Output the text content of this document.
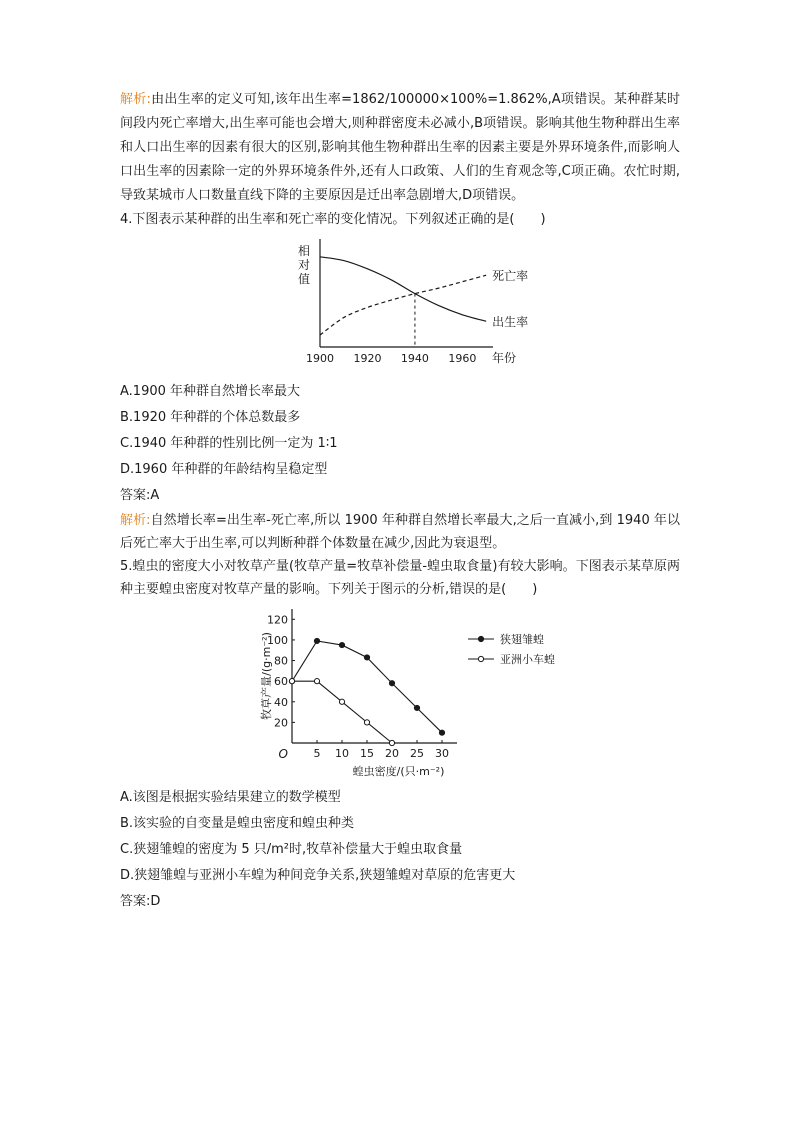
解析:由出生率的定义可知,该年出生率=1862/100000×100%=1.862%,A项错误。某种群某时间段内死亡率增大,出生率可能也会增大,则种群密度未必减小,B项错误。影响其他生物种群出生率和人口出生率的因素有很大的区别,影响其他生物种群出生率的因素主要是外界环境条件,而影响人口出生率的因素除一定的外界环境条件外,还有人口政策、人们的生育观念等,C项正确。农忙时期,导致某城市人口数量直线下降的主要原因是迁出率急剧增大,D项错误。

4.下图表示某种群的出生率和死亡率的变化情况。下列叙述正确的是(　　)

相
对
值	死亡率
出生率
1900 1920 1940 1960 年份

A.1900 年种群自然增长率最大

B.1920 年种群的个体总数最多

C.1940 年种群的性别比例一定为 1∶1

D.1960 年种群的年龄结构呈稳定型

答案:A

解析:自然增长率=出生率-死亡率,所以 1900 年种群自然增长率最大,之后一直减小,到 1940 年以后死亡率大于出生率,可以判断种群个体数量在减少,因此为衰退型。

5.蝗虫的密度大小对牧草产量(牧草产量=牧草补偿量-蝗虫取食量)有较大影响。下图表示某草原两种主要蝗虫密度对牧草产量的影响。下列关于图示的分析,错误的是(　　)

20
40
60
80
100
120
5 10 15 20 25 30
O
蝗虫密度/(只·m⁻²)
牧草产量/(g·m⁻²)	狭翅雏蝗
亚洲小车蝗

A.该图是根据实验结果建立的数学模型

B.该实验的自变量是蝗虫密度和蝗虫种类

C.狭翅雏蝗的密度为 5 只/m²时,牧草补偿量大于蝗虫取食量

D.狭翅雏蝗与亚洲小车蝗为种间竞争关系,狭翅雏蝗对草原的危害更大

答案:D
